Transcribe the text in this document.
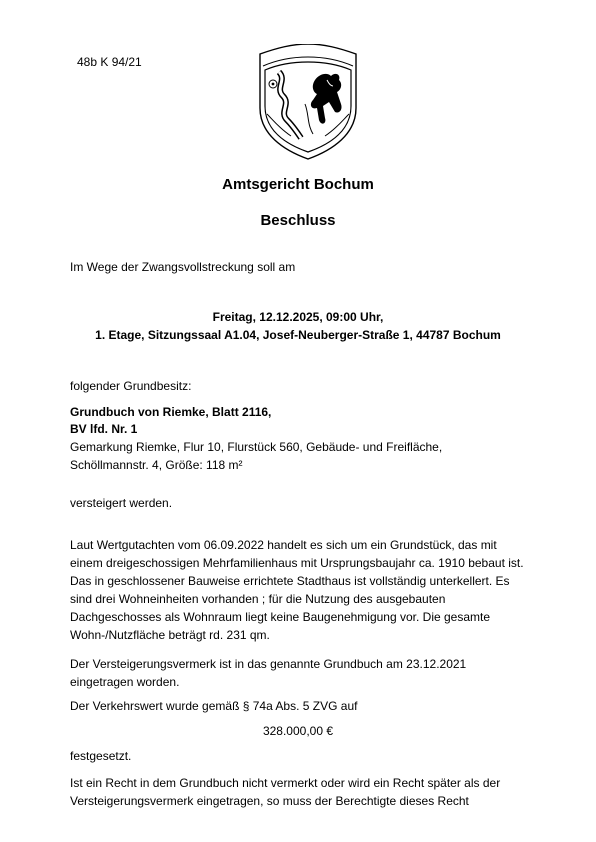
48b K 94/21
Amtsgericht Bochum
Beschluss
Im Wege der Zwangsvollstreckung soll am
Freitag, 12.12.2025, 09:00 Uhr,
1. Etage, Sitzungssaal A1.04, Josef-Neuberger-Straße 1, 44787 Bochum
folgender Grundbesitz:
Grundbuch von Riemke, Blatt 2116,
BV lfd. Nr. 1
Gemarkung Riemke, Flur 10, Flurstück 560, Gebäude- und Freifläche,
Schöllmannstr. 4, Größe: 118 m²
versteigert werden.
Laut Wertgutachten vom 06.09.2022 handelt es sich um ein Grundstück, das mit
einem dreigeschossigen Mehrfamilienhaus mit Ursprungsbaujahr ca. 1910 bebaut ist.
Das in geschlossener Bauweise errichtete Stadthaus ist vollständig unterkellert. Es
sind drei Wohneinheiten vorhanden ; für die Nutzung des ausgebauten
Dachgeschosses als Wohnraum liegt keine Baugenehmigung vor. Die gesamte
Wohn-/Nutzfläche beträgt rd. 231 qm.
Der Versteigerungsvermerk ist in das genannte Grundbuch am 23.12.2021
eingetragen worden.
Der Verkehrswert wurde gemäß § 74a Abs. 5 ZVG auf
328.000,00 €
festgesetzt.
Ist ein Recht in dem Grundbuch nicht vermerkt oder wird ein Recht später als der
Versteigerungsvermerk eingetragen, so muss der Berechtigte dieses Recht
